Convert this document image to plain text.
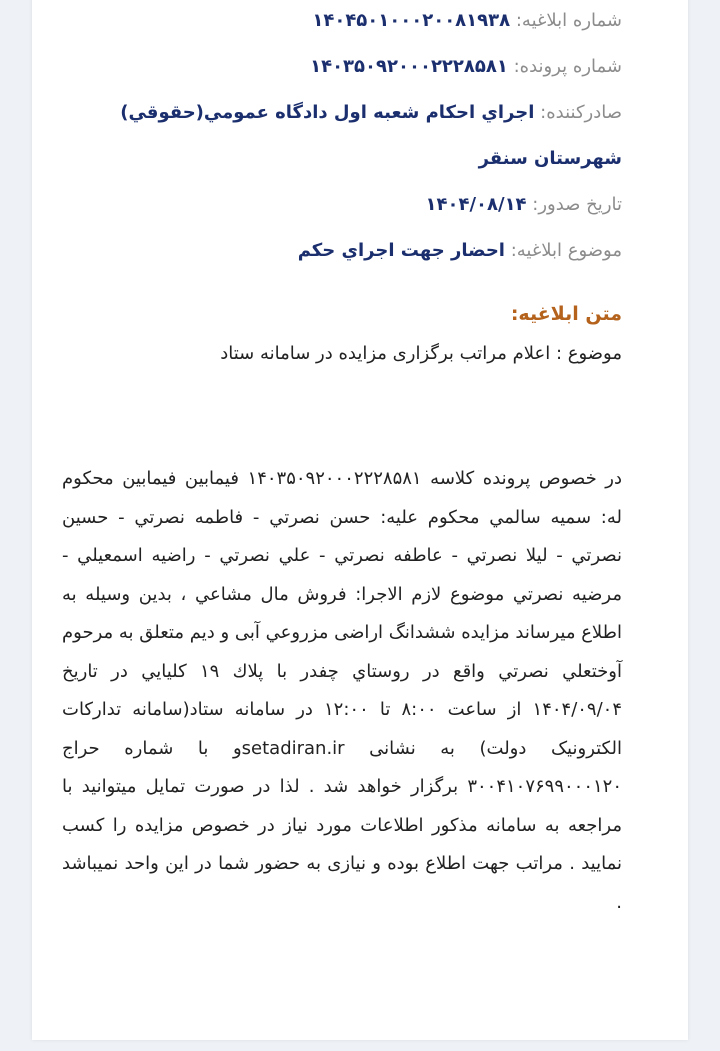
شماره ابلاغیه: ۱۴۰۴۵۰۱۰۰۰۲۰۰۸۱۹۳۸
شماره پرونده: ۱۴۰۳۵۰۹۲۰۰۰۲۲۲۸۵۸۱
صادرکننده: اجراي احكام شعبه اول دادگاه عمومي(حقوقي) شهرستان سنقر
تاریخ صدور: ۱۴۰۴/۰۸/۱۴
موضوع ابلاغیه: احضار جهت اجراي حكم
متن ابلاغیه:
موضوع : اعلام مراتب برگزاری مزایده در سامانه ستاد
در خصوص پرونده كلاسه ۱۴۰۳۵۰۹۲۰۰۰۲۲۲۸۵۸۱ فيمابين فيمابين محكوم له: سميه سالمي محكوم عليه: حسن نصرتي - فاطمه نصرتي - حسين نصرتي - ليلا نصرتي - عاطفه نصرتي - علي نصرتي - راضيه اسمعيلي - مرضيه نصرتي موضوع لازم الاجرا: فروش مال مشاعي ، بدين وسيله به اطلاع ميرساند مزایده ششدانگ اراضی مزروعي آبی و دیم متعلق به مرحوم آوختعلي نصرتي واقع در روستاي چفدر با پلاك ۱۹ كليايي در تاريخ ۱۴۰۴/۰۹/۰۴ از ساعت ۸:۰۰ تا ۱۲:۰۰ در سامانه ستاد(سامانه تداركات الكترونيک دولت) به نشانی setadiran.irو با شماره حراج ۳۰۰۴۱۰۷۶۹۹۰۰۰۱۲۰ برگزار خواهد شد . لذا در صورت تمايل ميتوانيد با مراجعه به سامانه مذكور اطلاعات مورد نياز در خصوص مزايده را كسب نماييد . مراتب جهت اطلاع بوده و نيازی به حضور شما در اين واحد نميباشد .
